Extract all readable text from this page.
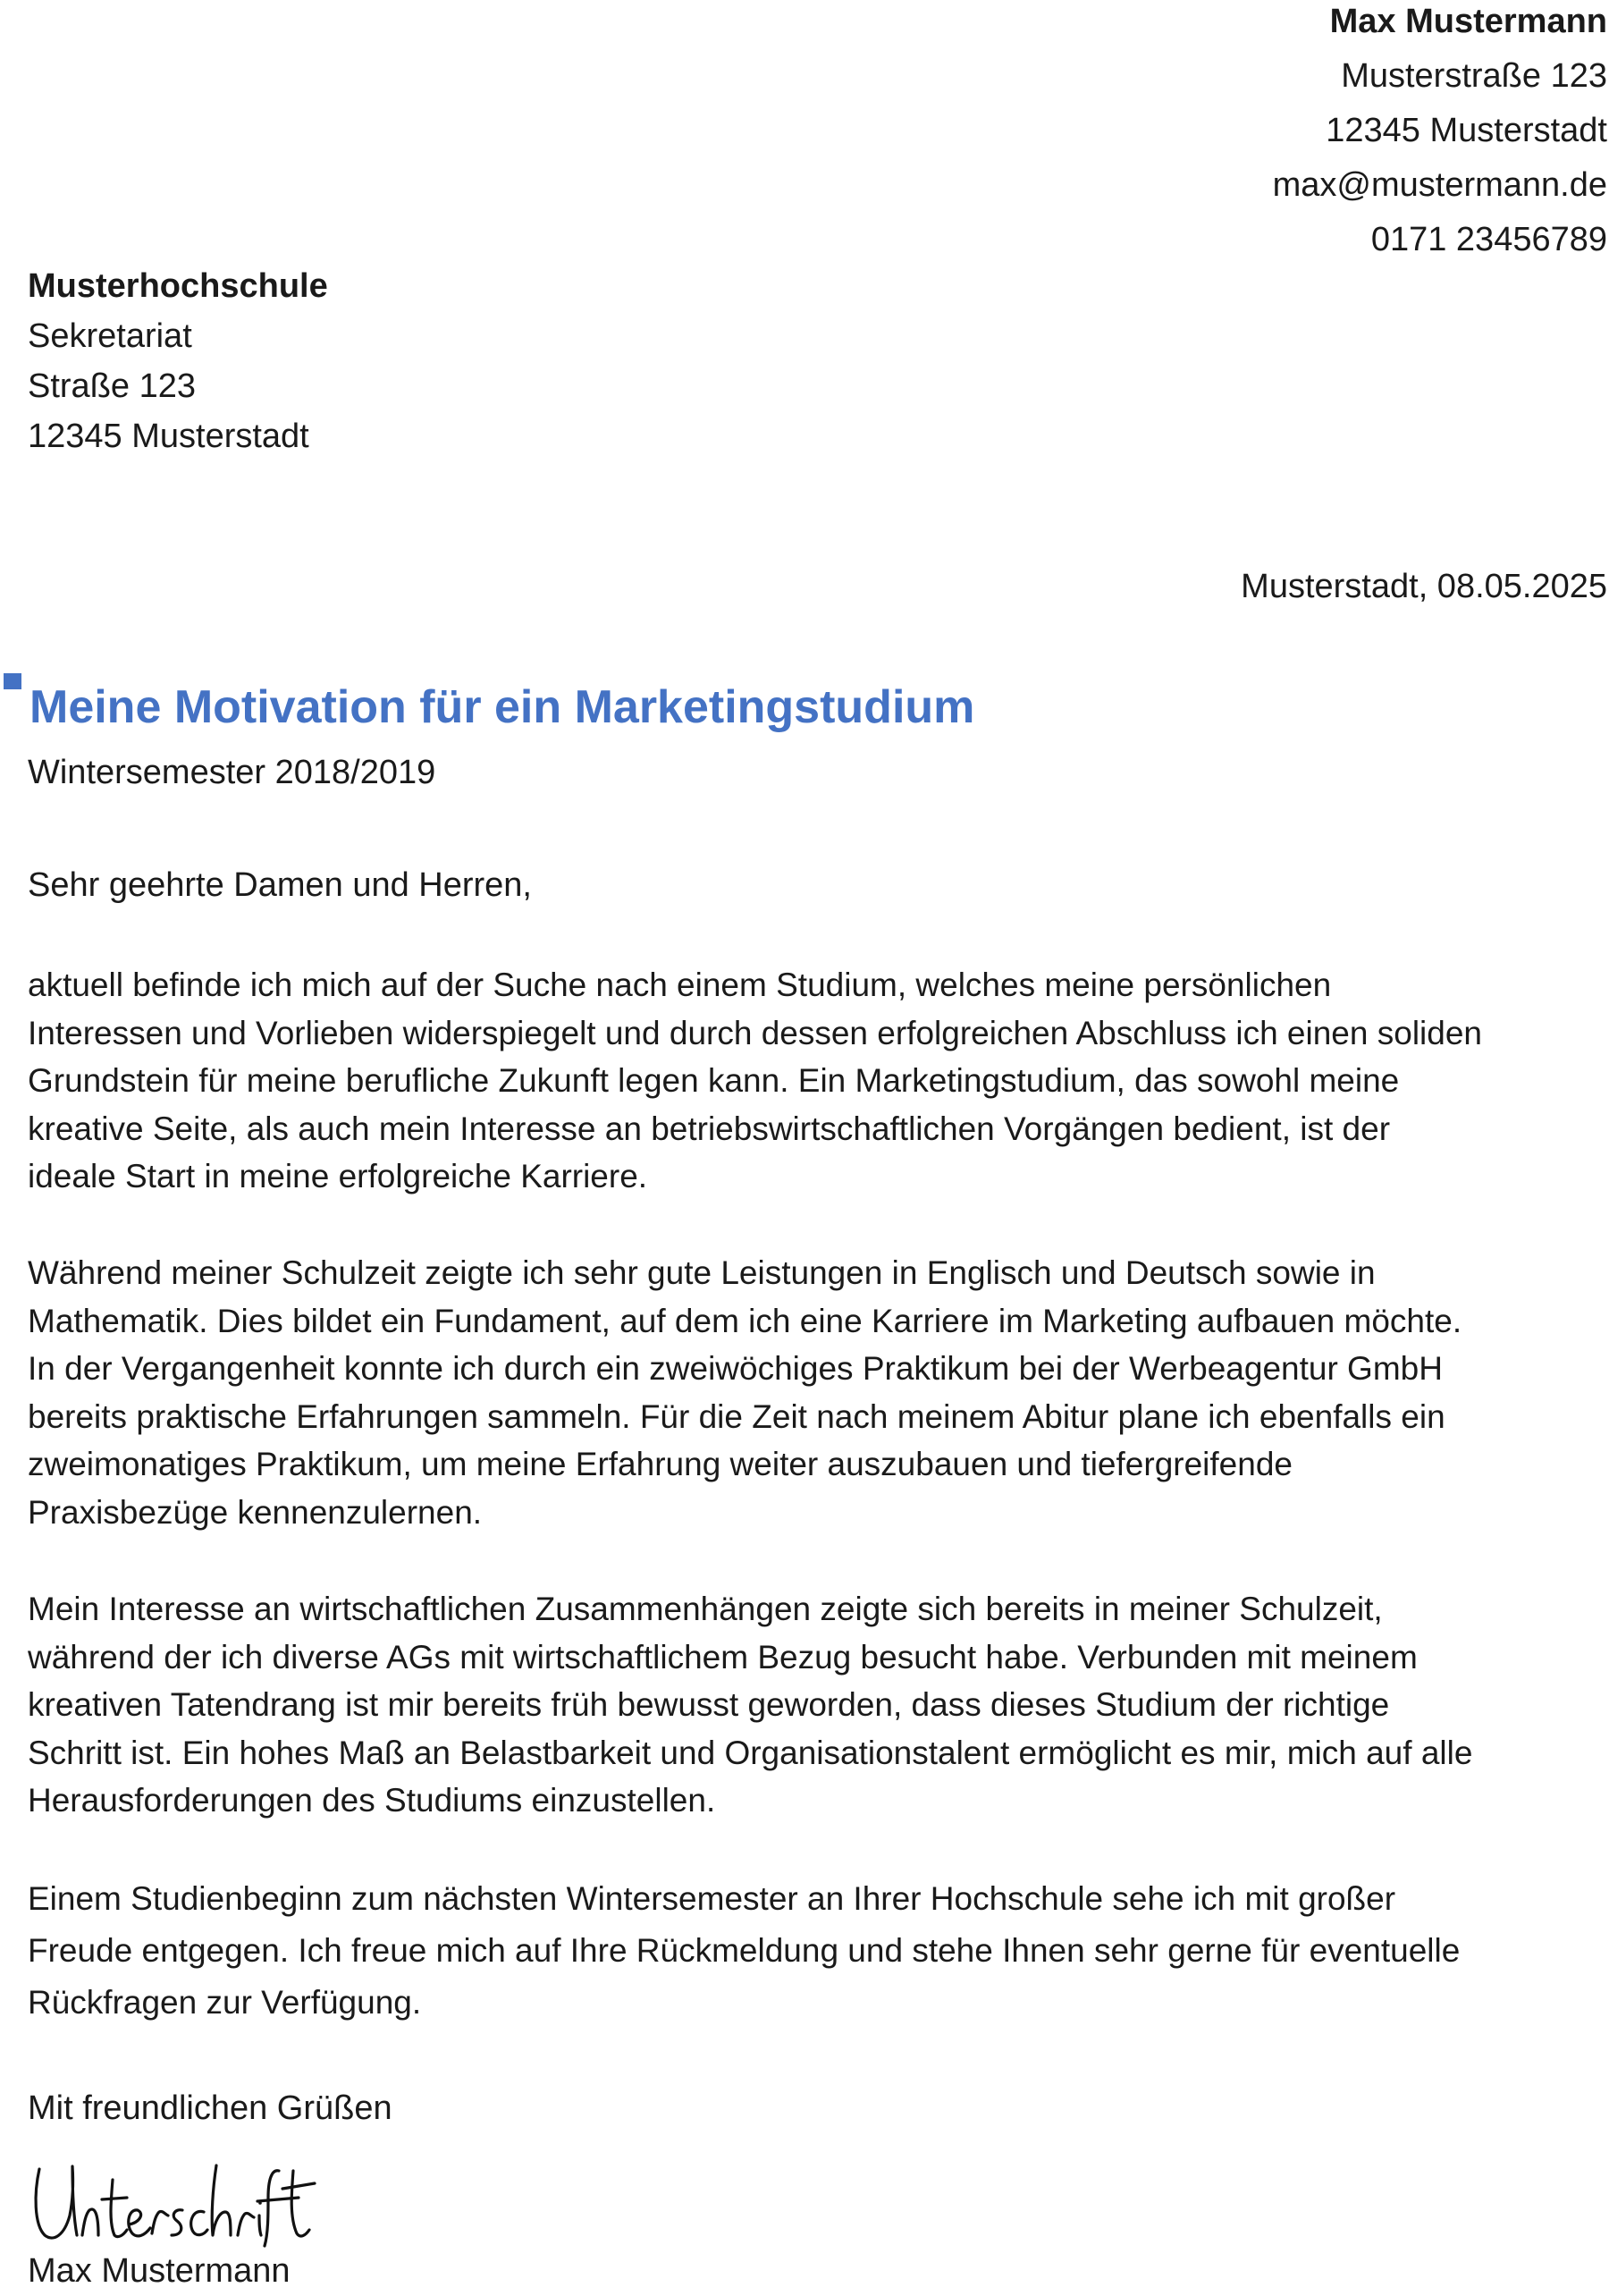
Max Mustermann
Musterstraße 123
12345 Musterstadt
max@mustermann.de
0171 23456789
Musterhochschule
Sekretariat
Straße 123
12345 Musterstadt
Musterstadt, 08.05.2025
Meine Motivation für ein Marketingstudium
Wintersemester 2018/2019
Sehr geehrte Damen und Herren,
aktuell befinde ich mich auf der Suche nach einem Studium, welches meine persönlichen
Interessen und Vorlieben widerspiegelt und durch dessen erfolgreichen Abschluss ich einen soliden
Grundstein für meine berufliche Zukunft legen kann. Ein Marketingstudium, das sowohl meine
kreative Seite, als auch mein Interesse an betriebswirtschaftlichen Vorgängen bedient, ist der
ideale Start in meine erfolgreiche Karriere.
Während meiner Schulzeit zeigte ich sehr gute Leistungen in Englisch und Deutsch sowie in
Mathematik. Dies bildet ein Fundament, auf dem ich eine Karriere im Marketing aufbauen möchte.
In der Vergangenheit konnte ich durch ein zweiwöchiges Praktikum bei der Werbeagentur GmbH
bereits praktische Erfahrungen sammeln. Für die Zeit nach meinem Abitur plane ich ebenfalls ein
zweimonatiges Praktikum, um meine Erfahrung weiter auszubauen und tiefergreifende
Praxisbezüge kennenzulernen.
Mein Interesse an wirtschaftlichen Zusammenhängen zeigte sich bereits in meiner Schulzeit,
während der ich diverse AGs mit wirtschaftlichem Bezug besucht habe. Verbunden mit meinem
kreativen Tatendrang ist mir bereits früh bewusst geworden, dass dieses Studium der richtige
Schritt ist. Ein hohes Maß an Belastbarkeit und Organisationstalent ermöglicht es mir, mich auf alle
Herausforderungen des Studiums einzustellen.
Einem Studienbeginn zum nächsten Wintersemester an Ihrer Hochschule sehe ich mit großer
Freude entgegen. Ich freue mich auf Ihre Rückmeldung und stehe Ihnen sehr gerne für eventuelle
Rückfragen zur Verfügung.
Mit freundlichen Grüßen
Max Mustermann
